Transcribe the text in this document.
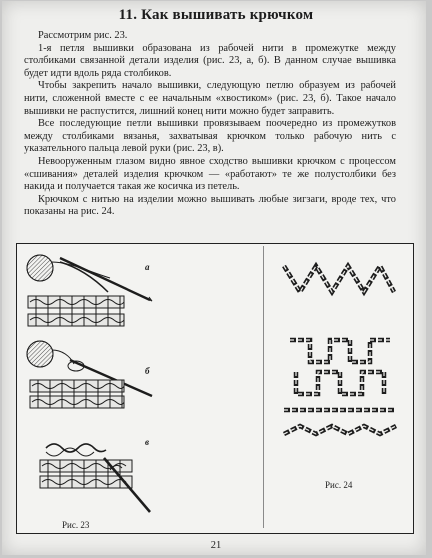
11. Как вышивать крючком

Рассмотрим рис. 23.

1-я петля вышивки образована из рабочей нити в промежутке между столбиками связанной детали изделия (рис. 23, а, б). В данном случае вышивка будет идти вдоль ряда столбиков.

Чтобы закрепить начало вышивки, следующую петлю образуем из рабочей нити, сложенной вместе с ее начальным «хвостиком» (рис. 23, б). Такое начало вышивки не распустится, лишний конец нити можно будет заправить.

Все последующие петли вышивки провязываем поочередно из промежутков между столбиками вязанья, захватывая крючком только рабочую нить с указательного пальца левой руки (рис. 23, в).

Невооруженным глазом видно явное сходство вышивки крючком с процессом «сшивания» деталей изделия крючком — «работают» те же полустолбики без накида и получается такая же косичка из петель.

Крючком с нитью на изделии можно вышивать любые зигзаги, вроде тех, что показаны на рис. 24.

а
б
в
Рис. 23
Рис. 24
21
